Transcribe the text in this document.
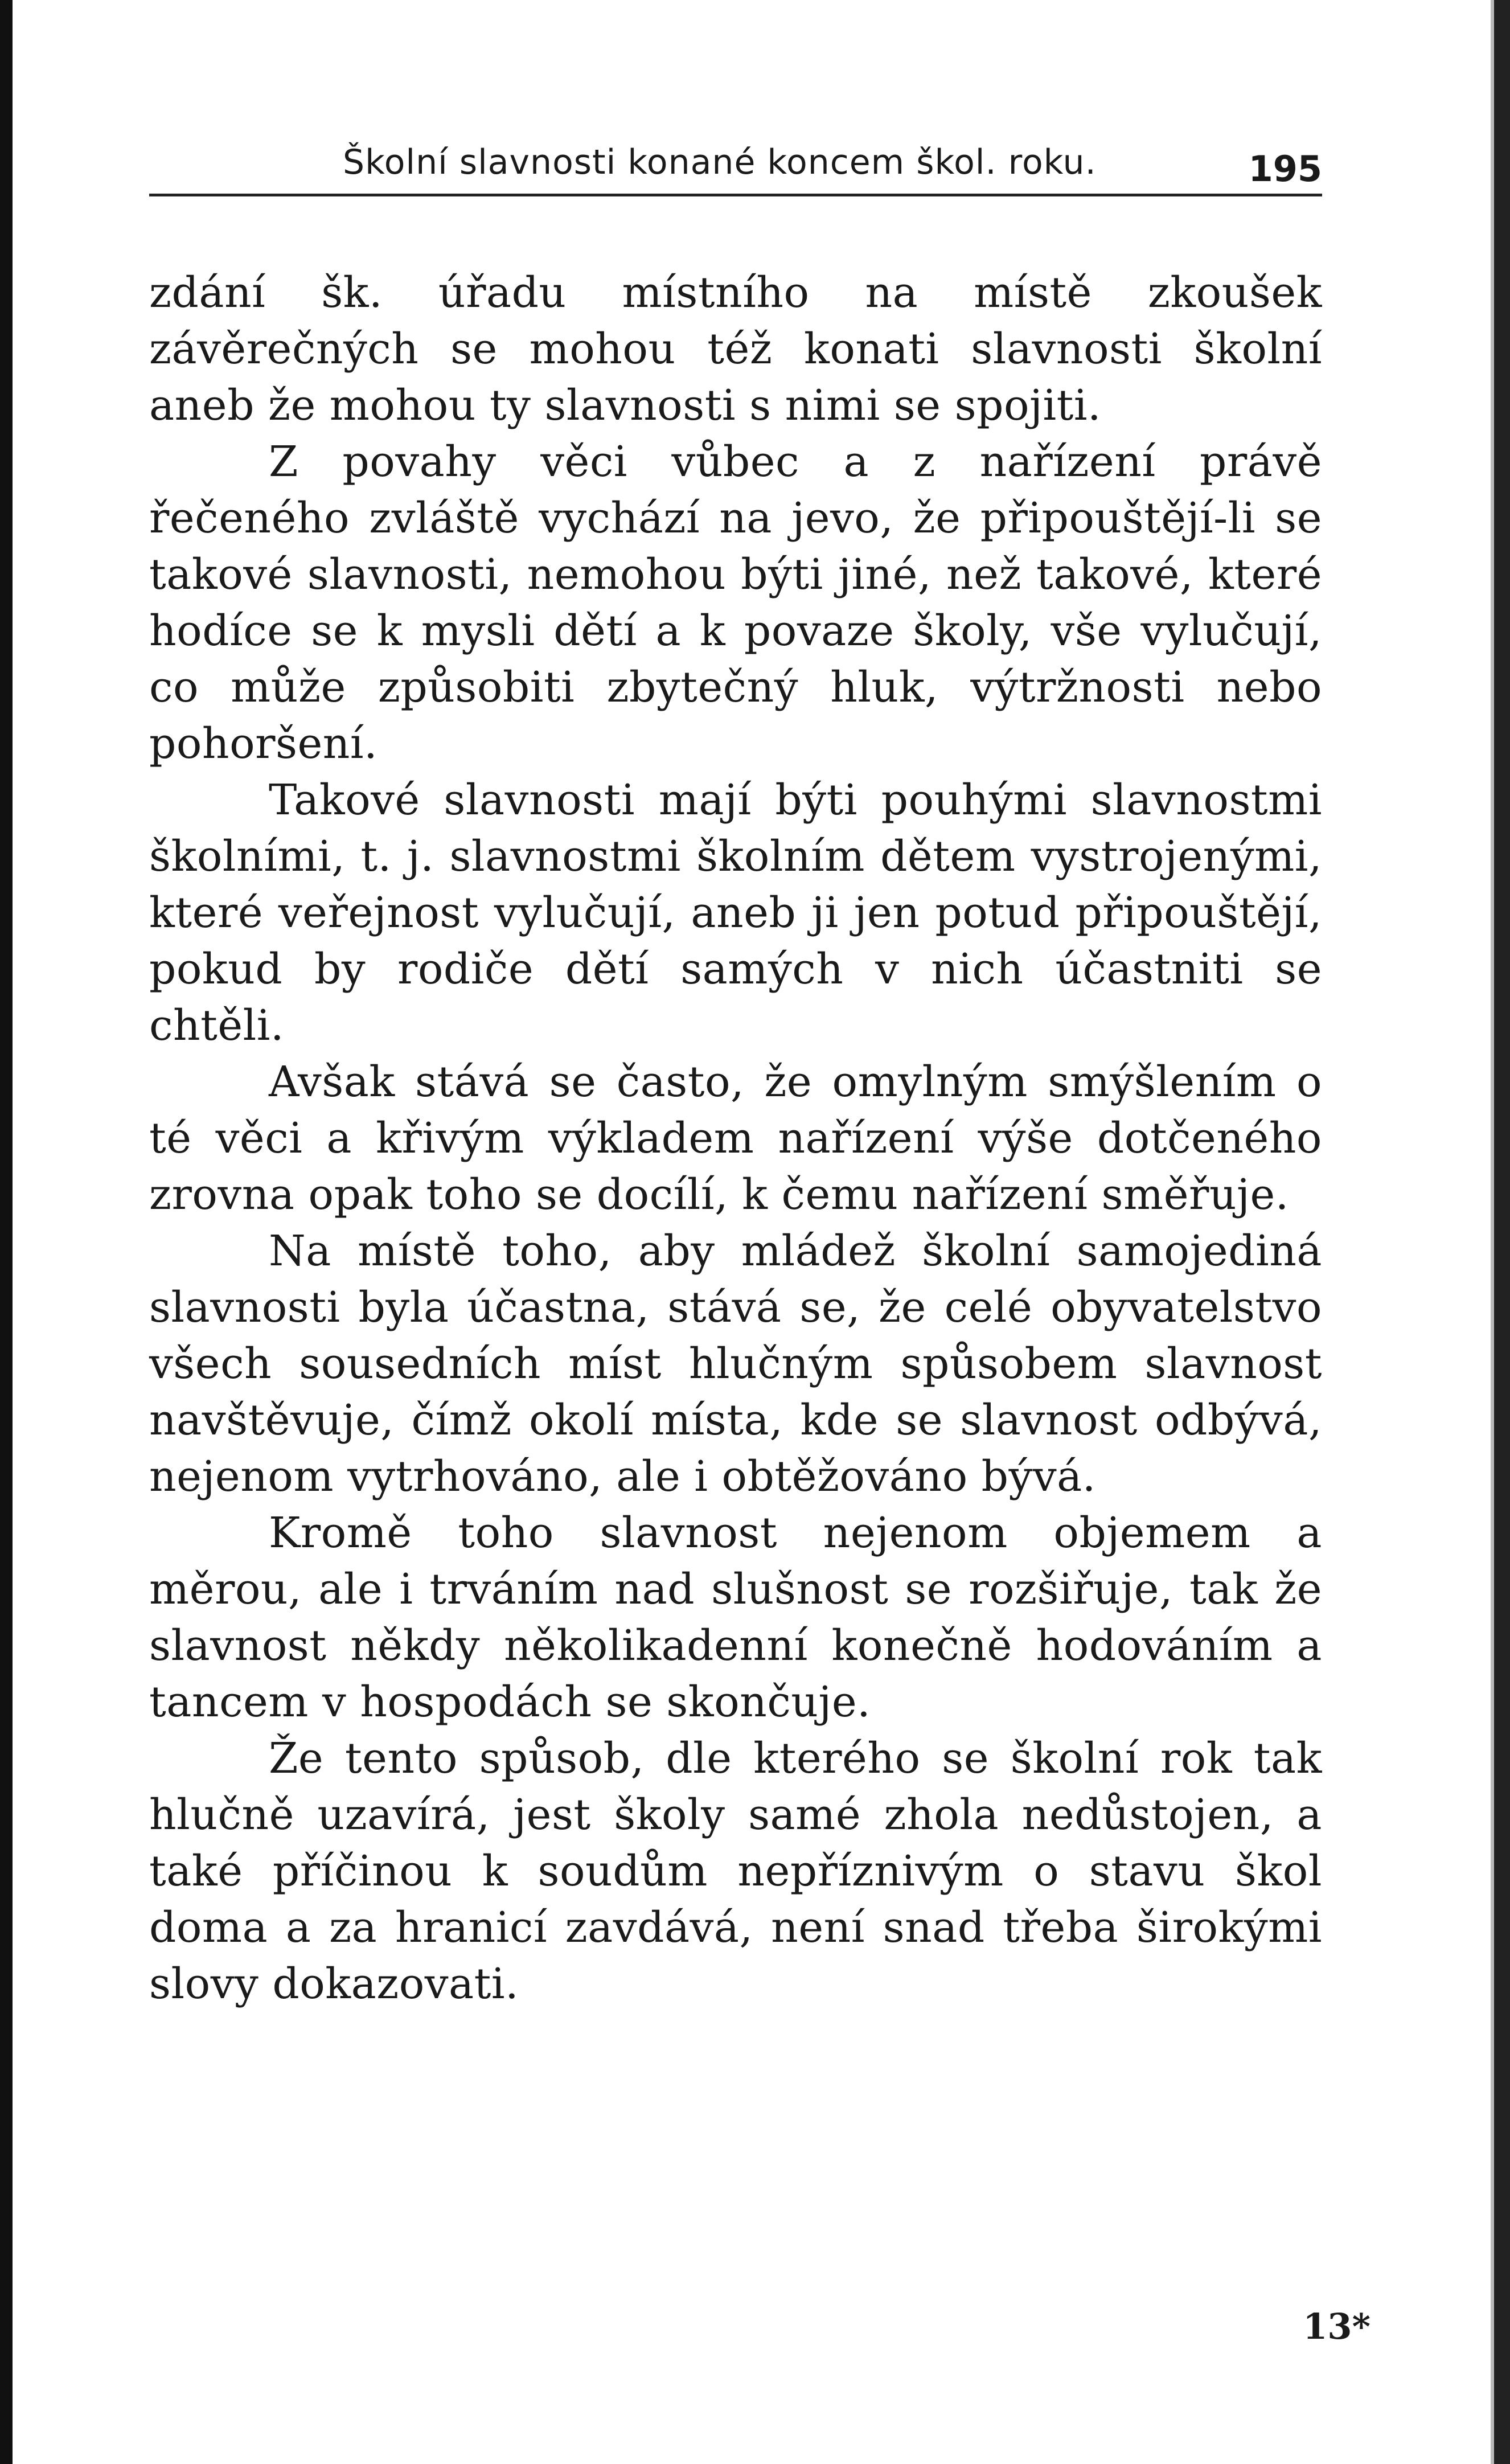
Školní slavnosti konané koncem škol. roku.	195

zdání šk. úřadu místního na místě zkoušek závěrečných se mohou též konati slavnosti školní aneb že mohou ty slavnosti s nimi se spojiti.

Z povahy věci vůbec a z nařízení právě řečeného zvláště vychází na jevo, že připouštějí-li se takové slavnosti, nemohou býti jiné, než takové, které hodíce se k mysli dětí a k povaze školy, vše vylučují, co může způsobiti zbytečný hluk, výtržnosti nebo pohoršení.

Takové slavnosti mají býti pouhými slavnostmi školními, t. j. slavnostmi školním dětem vystrojenými, které veřejnost vylučují, aneb ji jen potud připouštějí, pokud by rodiče dětí samých v nich účastniti se chtěli.

Avšak stává se často, že omylným smýšlením o té věci a křivým výkladem nařízení výše dotčeného zrovna opak toho se docílí, k čemu nařízení směřuje.

Na místě toho, aby mládež školní samojediná slavnosti byla účastna, stává se, že celé obyvatelstvo všech sousedních míst hlučným spůsobem slavnost navštěvuje, čímž okolí místa, kde se slavnost odbývá, nejenom vytrhováno, ale i obtěžováno bývá.

Kromě toho slavnost nejenom objemem a měrou, ale i trváním nad slušnost se rozšiřuje, tak že slavnost někdy několikadenní konečně hodováním a tancem v hospodách se skončuje.

Že tento spůsob, dle kterého se školní rok tak hlučně uzavírá, jest školy samé zhola nedůstojen, a také příčinou k soudům nepříznivým o stavu škol doma a za hranicí zavdává, není snad třeba širokými slovy dokazovati.

13*
